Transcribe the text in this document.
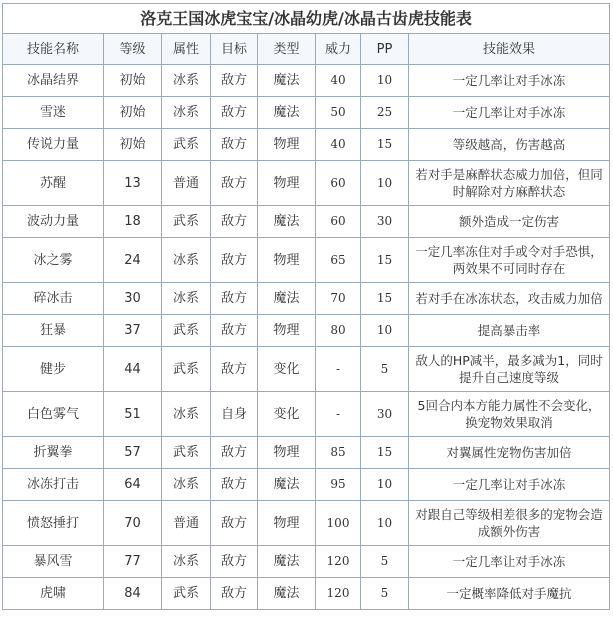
洛克王国冰虎宝宝/冰晶幼虎/冰晶古齿虎技能表							
技能名称	等级	属性	目标	类型	威力	PP	技能效果
冰晶结界	初始	冰系	敌方	魔法	40	10	一定几率让对手冰冻
雪迷	初始	冰系	敌方	魔法	50	25	一定几率让对手冰冻
传说力量	初始	武系	敌方	物理	40	15	等级越高，伤害越高
苏醒	13	普通	敌方	物理	60	10	若对手是麻醉状态威力加倍，但同时解除对方麻醉状态
波动力量	18	武系	敌方	魔法	60	30	额外造成一定伤害
冰之雾	24	冰系	敌方	物理	65	15	一定几率冻住对手或令对手恐惧，两效果不可同时存在
碎冰击	30	冰系	敌方	魔法	70	15	若对手在冰冻状态，攻击威力加倍
狂暴	37	武系	敌方	物理	80	10	提高暴击率
健步	44	武系	敌方	变化	-	5	敌人的HP减半，最多减为1，同时提升自己速度等级
白色雾气	51	冰系	自身	变化	-	30	5回合内本方能力属性不会变化，换宠物效果取消
折翼拳	57	武系	敌方	物理	85	15	对翼属性宠物伤害加倍
冰冻打击	64	冰系	敌方	魔法	95	10	一定几率让对手冰冻
愤怒捶打	70	普通	敌方	物理	100	10	对跟自己等级相差很多的宠物会造成额外伤害
暴风雪	77	冰系	敌方	魔法	120	5	一定几率让对手冰冻
虎啸	84	武系	敌方	魔法	120	5	一定概率降低对手魔抗
